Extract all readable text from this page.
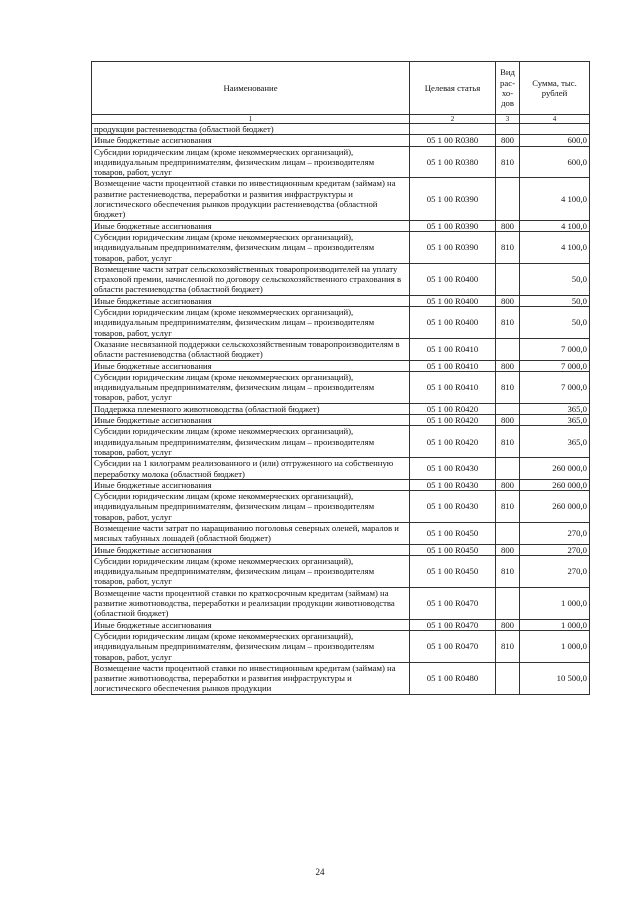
Наименование	Целевая статья	Вид рас-хо-дов	Сумма, тыс. рублей
1	2	3	4
продукции растениеводства (областной бюджет)			
Иные бюджетные ассигнования	05 1 00 R0380	800	600,0
Субсидии юридическим лицам (кроме некоммерческих организаций), индивидуальным предпринимателям, физическим лицам – производителям товаров, работ, услуг	05 1 00 R0380	810	600,0
Возмещение части процентной ставки по инвестиционным кредитам (займам) на развитие растениеводства, переработки и развития инфраструктуры и логистического обеспечения рынков продукции растениеводства (областной бюджет)	05 1 00 R0390		4 100,0
Иные бюджетные ассигнования	05 1 00 R0390	800	4 100,0
Субсидии юридическим лицам (кроме некоммерческих организаций), индивидуальным предпринимателям, физическим лицам – производителям товаров, работ, услуг	05 1 00 R0390	810	4 100,0
Возмещение части затрат сельскохозяйственных товаропроизводителей на уплату страховой премии, начисленной по договору сельскохозяйственного страхования в области растениеводства (областной бюджет)	05 1 00 R0400		50,0
Иные бюджетные ассигнования	05 1 00 R0400	800	50,0
Субсидии юридическим лицам (кроме некоммерческих организаций), индивидуальным предпринимателям, физическим лицам – производителям товаров, работ, услуг	05 1 00 R0400	810	50,0
Оказание несвязанной поддержки сельскохозяйственным товаропроизводителям в области растениеводства (областной бюджет)	05 1 00 R0410		7 000,0
Иные бюджетные ассигнования	05 1 00 R0410	800	7 000,0
Субсидии юридическим лицам (кроме некоммерческих организаций), индивидуальным предпринимателям, физическим лицам – производителям товаров, работ, услуг	05 1 00 R0410	810	7 000,0
Поддержка племенного животноводства (областной бюджет)	05 1 00 R0420		365,0
Иные бюджетные ассигнования	05 1 00 R0420	800	365,0
Субсидии юридическим лицам (кроме некоммерческих организаций), индивидуальным предпринимателям, физическим лицам – производителям товаров, работ, услуг	05 1 00 R0420	810	365,0
Субсидии на 1 килограмм реализованного и (или) отгруженного на собственную переработку молока (областной бюджет)	05 1 00 R0430		260 000,0
Иные бюджетные ассигнования	05 1 00 R0430	800	260 000,0
Субсидии юридическим лицам (кроме некоммерческих организаций), индивидуальным предпринимателям, физическим лицам – производителям товаров, работ, услуг	05 1 00 R0430	810	260 000,0
Возмещение части затрат по наращиванию поголовья северных оленей, маралов и мясных табунных лошадей (областной бюджет)	05 1 00 R0450		270,0
Иные бюджетные ассигнования	05 1 00 R0450	800	270,0
Субсидии юридическим лицам (кроме некоммерческих организаций), индивидуальным предпринимателям, физическим лицам – производителям товаров, работ, услуг	05 1 00 R0450	810	270,0
Возмещение части процентной ставки по краткосрочным кредитам (займам) на развитие животноводства, переработки и реализации продукции животноводства (областной бюджет)	05 1 00 R0470		1 000,0
Иные бюджетные ассигнования	05 1 00 R0470	800	1 000,0
Субсидии юридическим лицам (кроме некоммерческих организаций), индивидуальным предпринимателям, физическим лицам – производителям товаров, работ, услуг	05 1 00 R0470	810	1 000,0
Возмещение части процентной ставки по инвестиционным кредитам (займам) на развитие животноводства, переработки и развития инфраструктуры и логистического обеспечения рынков продукции	05 1 00 R0480		10 500,0
24
